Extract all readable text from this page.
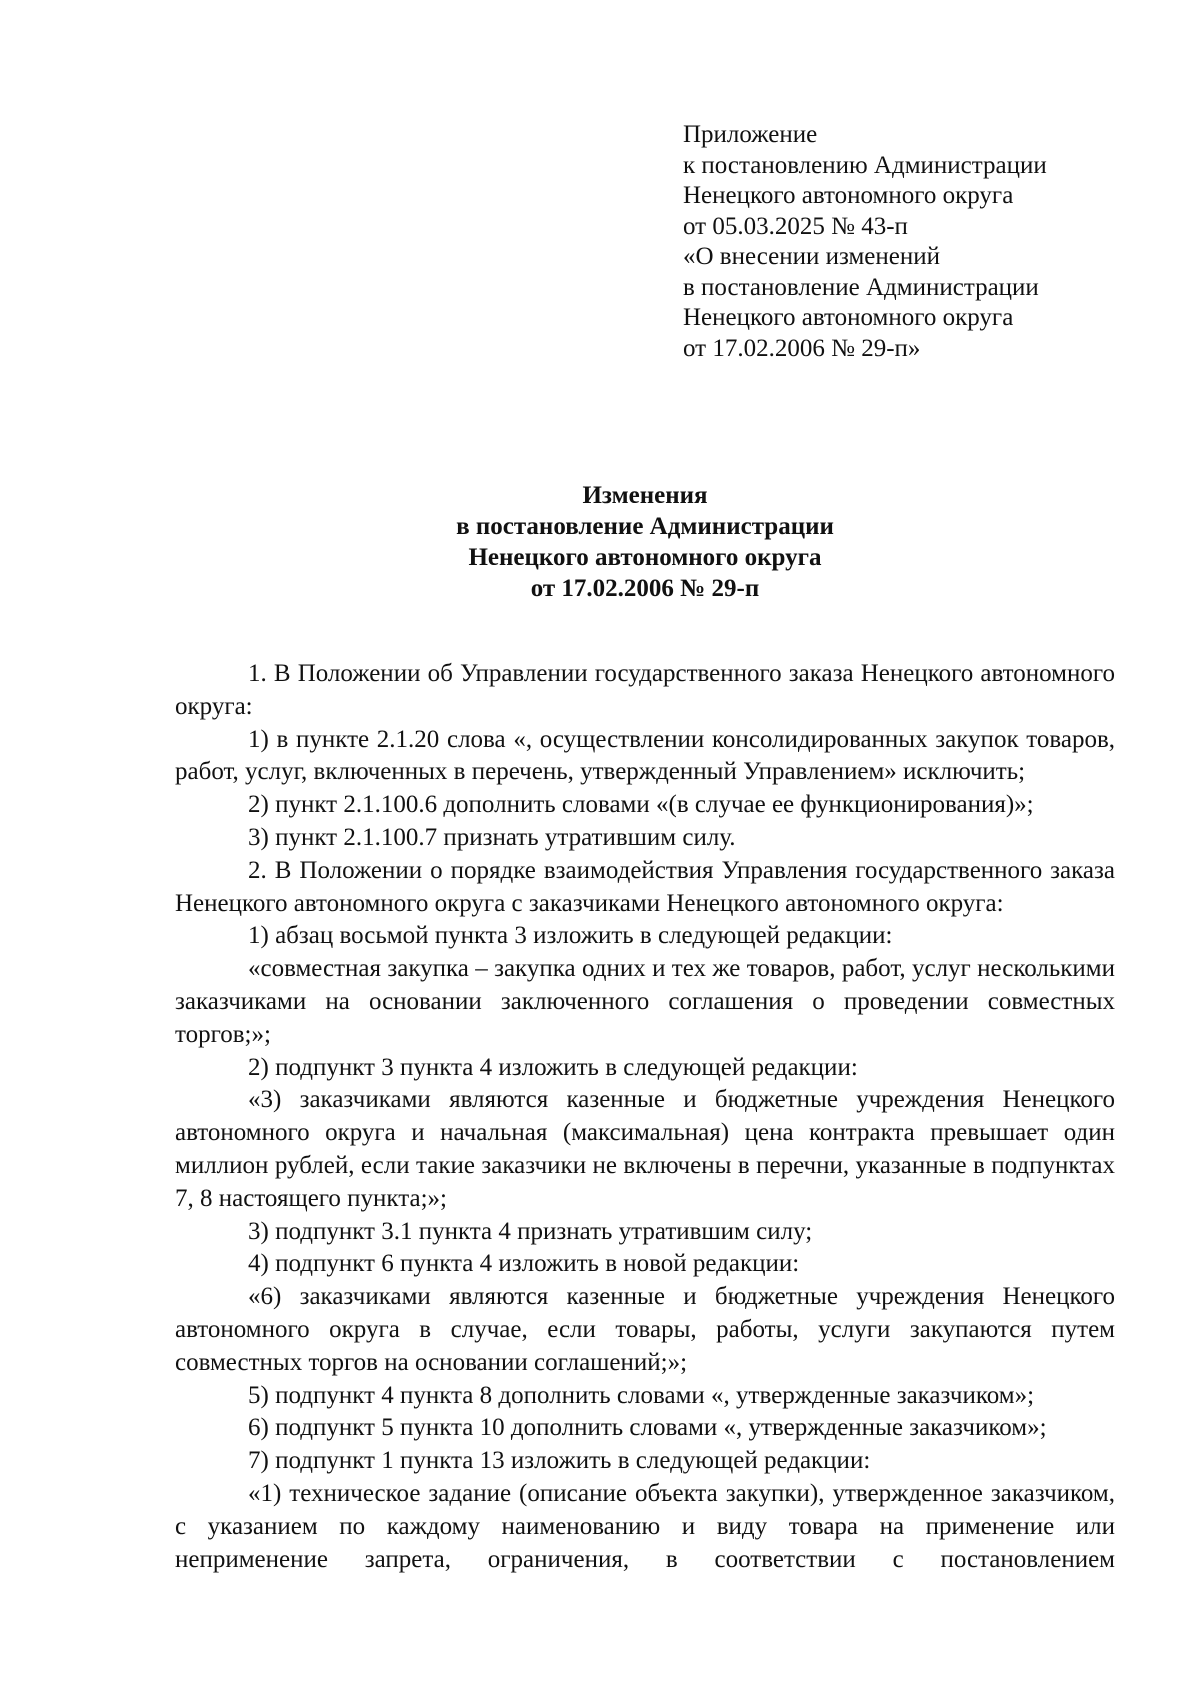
Приложение
к постановлению Администрации
Ненецкого автономного округа
от 05.03.2025 № 43-п
«О внесении изменений
в постановление Администрации
Ненецкого автономного округа
от 17.02.2006 № 29-п»
Изменения
в постановление Администрации
Ненецкого автономного округа
от 17.02.2006 № 29-п

1. В Положении об Управлении государственного заказа Ненецкого автономного округа:

1) в пункте 2.1.20 слова «, осуществлении консолидированных закупок товаров, работ, услуг, включенных в перечень, утвержденный Управлением» исключить;

2) пункт 2.1.100.6 дополнить словами «(в случае ее функционирования)»;

3) пункт 2.1.100.7 признать утратившим силу.

2. В Положении о порядке взаимодействия Управления государственного заказа Ненецкого автономного округа с заказчиками Ненецкого автономного округа:

1) абзац восьмой пункта 3 изложить в следующей редакции:

«совместная закупка – закупка одних и тех же товаров, работ, услуг несколькими заказчиками на основании заключенного соглашения о проведении совместных торгов;»;

2) подпункт 3 пункта 4 изложить в следующей редакции:

«3) заказчиками являются казенные и бюджетные учреждения Ненецкого автономного округа и начальная (максимальная) цена контракта превышает один миллион рублей, если такие заказчики не включены в перечни, указанные в подпунктах 7, 8 настоящего пункта;»;

3) подпункт 3.1 пункта 4 признать утратившим силу;

4) подпункт 6 пункта 4 изложить в новой редакции:

«6) заказчиками являются казенные и бюджетные учреждения Ненецкого автономного округа в случае, если товары, работы, услуги закупаются путем совместных торгов на основании соглашений;»;

5) подпункт 4 пункта 8 дополнить словами «, утвержденные заказчиком»;

6) подпункт 5 пункта 10 дополнить словами «, утвержденные заказчиком»;

7) подпункт 1 пункта 13 изложить в следующей редакции:

«1) техническое задание (описание объекта закупки), утвержденное заказчиком, с указанием по каждому наименованию и виду товара на применение или неприменение запрета, ограничения, в соответствии с постановлением
